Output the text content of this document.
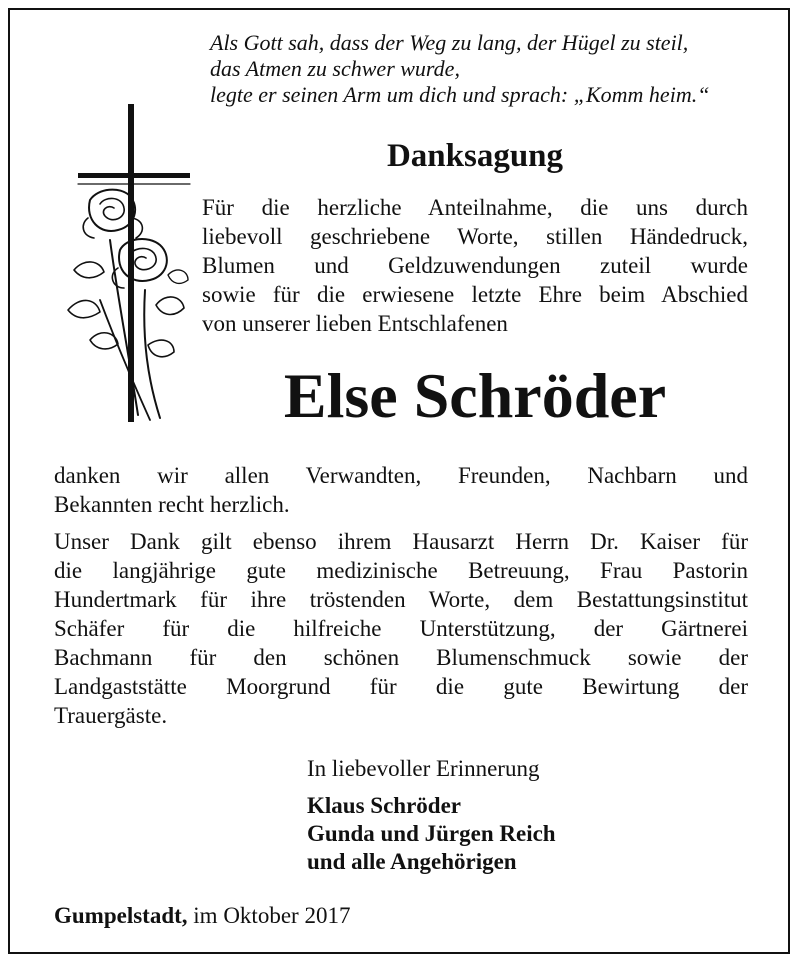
Als Gott sah, dass der Weg zu lang, der Hügel zu steil,
das Atmen zu schwer wurde,
legte er seinen Arm um dich und sprach: „Komm heim.“
Danksagung
Für die herzliche Anteilnahme, die uns durch
liebevoll geschriebene Worte, stillen Händedruck,
Blumen und Geldzuwendungen zuteil wurde
sowie für die erwiesene letzte Ehre beim Abschied
von unserer lieben Entschlafenen
Else Schröder
danken wir allen Verwandten, Freunden, Nachbarn und
Bekannten recht herzlich.
Unser Dank gilt ebenso ihrem Hausarzt Herrn Dr. Kaiser für
die langjährige gute medizinische Betreuung, Frau Pastorin
Hundertmark für ihre tröstenden Worte, dem Bestattungsinstitut
Schäfer für die hilfreiche Unterstützung, der Gärtnerei
Bachmann für den schönen Blumenschmuck sowie der
Landgaststätte Moorgrund für die gute Bewirtung der
Trauergäste.
In liebevoller Erinnerung
Klaus Schröder
Gunda und Jürgen Reich
und alle Angehörigen
Gumpelstadt, im Oktober 2017
